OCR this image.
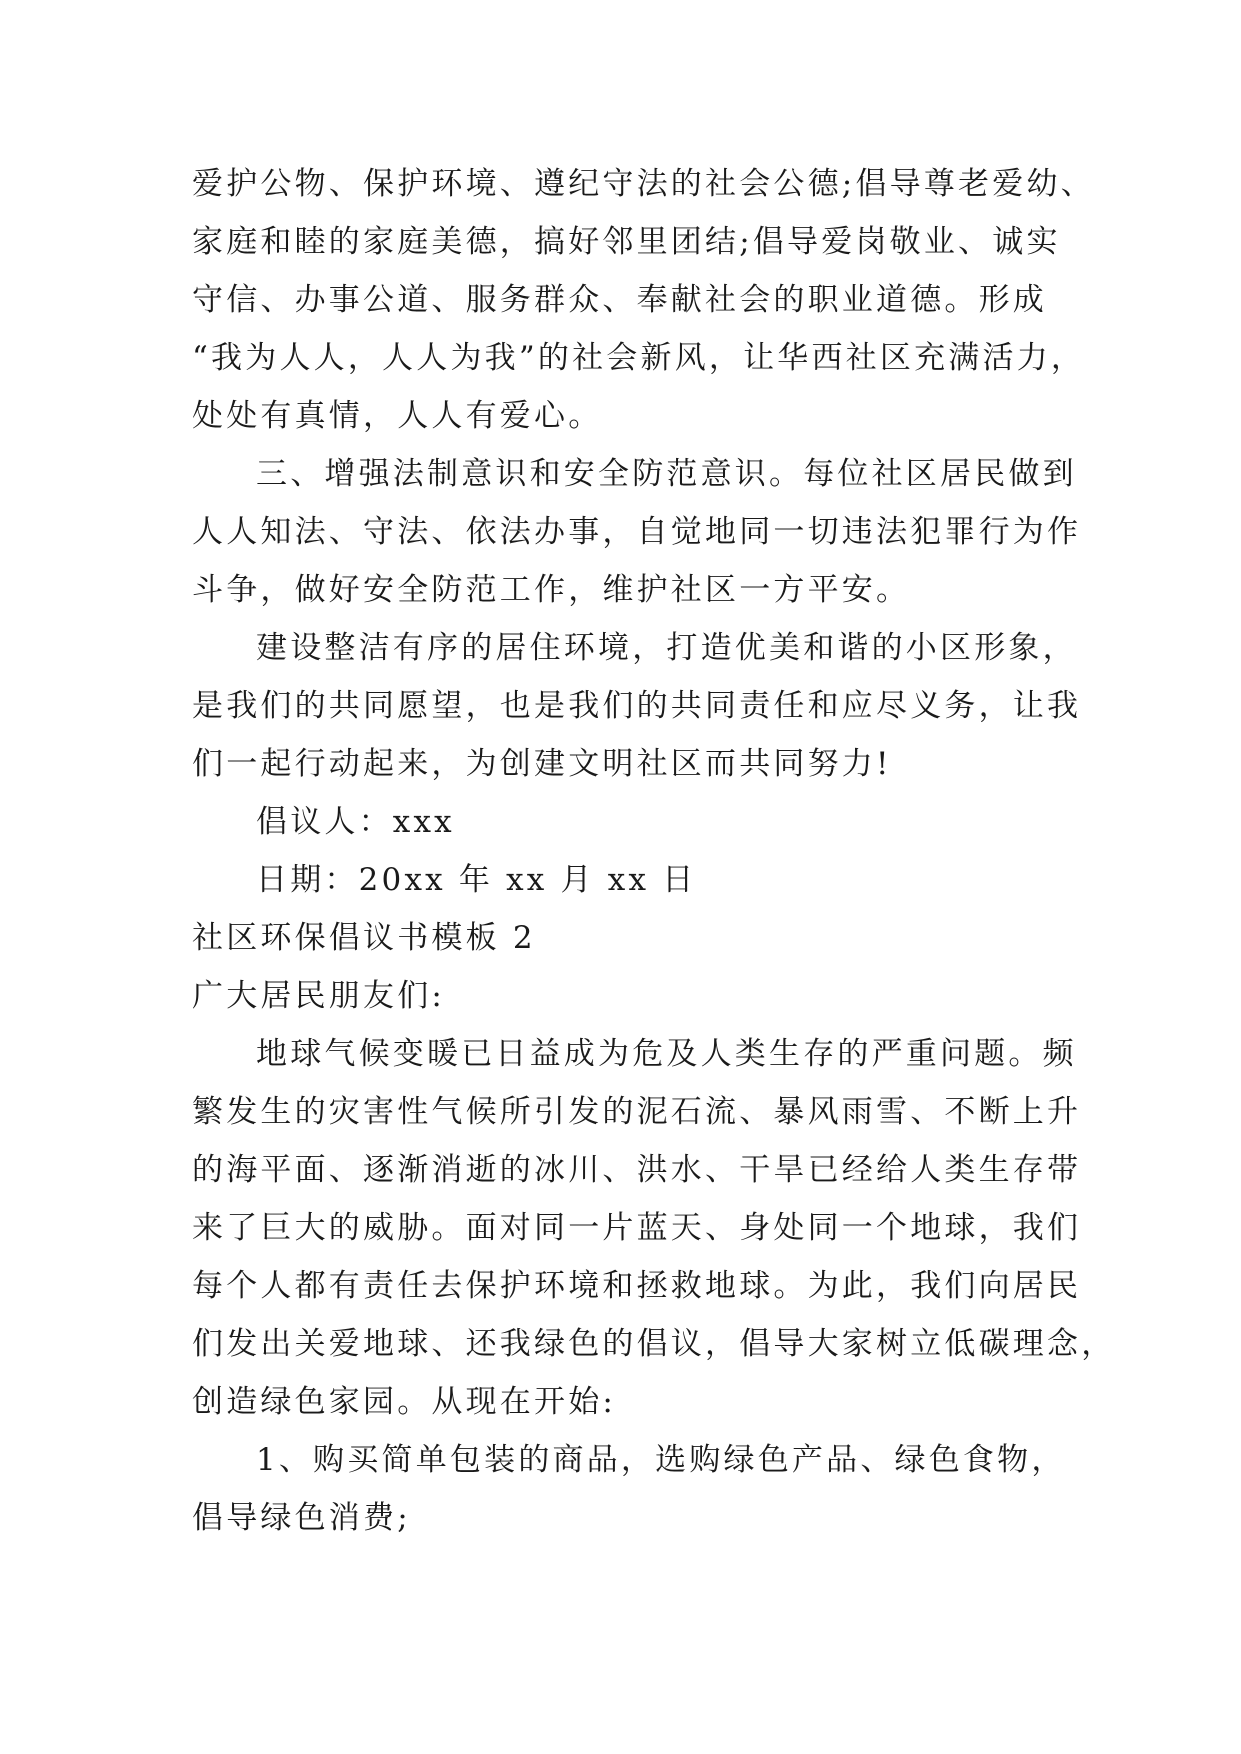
爱护公物、保护环境、遵纪守法的社会公德;倡导尊老爱幼、
家庭和睦的家庭美德，搞好邻里团结;倡导爱岗敬业、诚实
守信、办事公道、服务群众、奉献社会的职业道德。形成
“我为人人，人人为我”的社会新风，让华西社区充满活力，
处处有真情，人人有爱心。
三、增强法制意识和安全防范意识。每位社区居民做到
人人知法、守法、依法办事，自觉地同一切违法犯罪行为作
斗争，做好安全防范工作，维护社区一方平安。
建设整洁有序的居住环境，打造优美和谐的小区形象，
是我们的共同愿望，也是我们的共同责任和应尽义务，让我
们一起行动起来，为创建文明社区而共同努力!
倡议人：xxx
日期：20xx 年 xx 月 xx 日
社区环保倡议书模板 2
广大居民朋友们:
地球气候变暖已日益成为危及人类生存的严重问题。频
繁发生的灾害性气候所引发的泥石流、暴风雨雪、不断上升
的海平面、逐渐消逝的冰川、洪水、干旱已经给人类生存带
来了巨大的威胁。面对同一片蓝天、身处同一个地球，我们
每个人都有责任去保护环境和拯救地球。为此，我们向居民
们发出关爱地球、还我绿色的倡议，倡导大家树立低碳理念，
创造绿色家园。从现在开始:
1、购买简单包装的商品，选购绿色产品、绿色食物，
倡导绿色消费;
